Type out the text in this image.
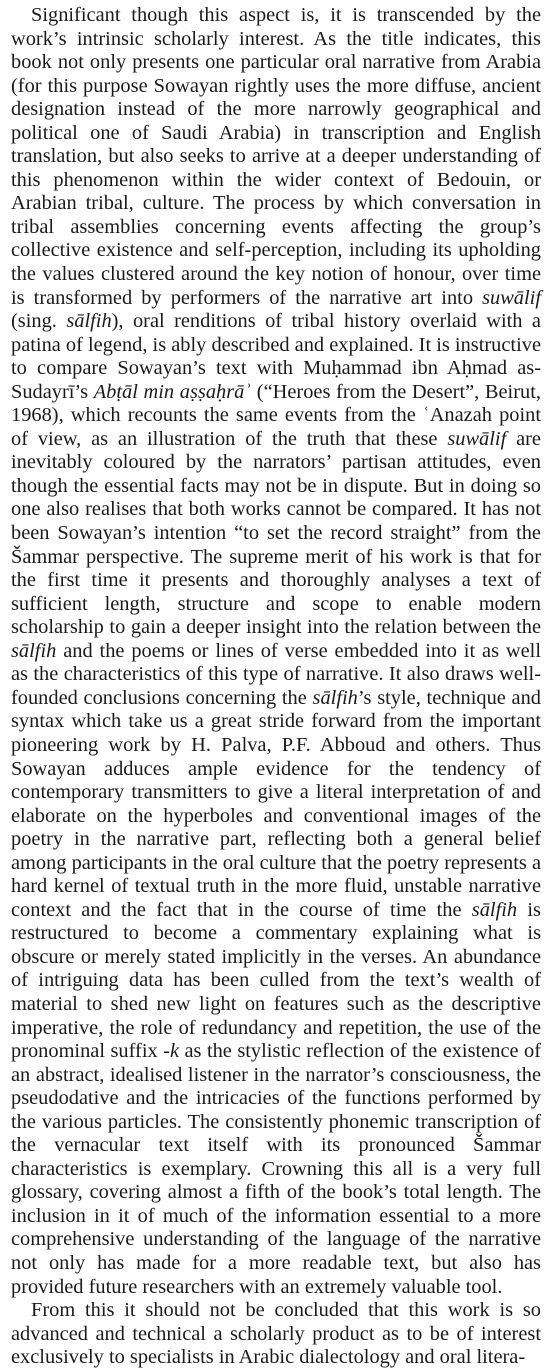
Significant though this aspect is, it is transcended by the work’s intrinsic scholarly interest. As the title indicates, this book not only presents one particular oral narrative from Arabia (for this purpose Sowayan rightly uses the more diffuse, ancient designation instead of the more narrowly geographical and political one of Saudi Arabia) in transcription and English translation, but also seeks to arrive at a deeper understanding of this phenomenon within the wider context of Bedouin, or Arabian tribal, culture. The process by which conversation in tribal assemblies concerning events affecting the group’s collective existence and self-perception, including its upholding the values clustered around the key notion of honour, over time is transformed by performers of the narrative art into suwālif (sing. sālfih), oral renditions of tribal history overlaid with a patina of legend, is ably described and explained. It is instructive to compare Sowayan’s text with Muḥammad ibn Aḥmad as-Sudayrī’s Abṭāl min aṣṣaḥrāʾ (“Heroes from the Desert”, Beirut, 1968), which recounts the same events from the ʿAnazah point of view, as an illustration of the truth that these suwālif are inevitably coloured by the narrators’ partisan attitudes, even though the essential facts may not be in dispute. But in doing so one also realises that both works cannot be compared. It has not been Sowayan’s intention “to set the record straight” from the Šammar perspective. The supreme merit of his work is that for the first time it presents and thoroughly analyses a text of sufficient length, structure and scope to enable modern scholarship to gain a deeper insight into the relation between the sālfih and the poems or lines of verse embedded into it as well as the characteristics of this type of narrative. It also draws well-founded conclusions concerning the sālfih’s style, technique and syntax which take us a great stride forward from the important pioneering work by H. Palva, P.F. Abboud and others. Thus Sowayan adduces ample evidence for the tendency of contemporary transmitters to give a literal interpretation of and elaborate on the hyperboles and conventional images of the poetry in the narrative part, reflecting both a general belief among participants in the oral culture that the poetry represents a hard kernel of textual truth in the more fluid, unstable narrative context and the fact that in the course of time the sālfih is restructured to become a commentary explaining what is obscure or merely stated implicitly in the verses. An abundance of intriguing data has been culled from the text’s wealth of material to shed new light on features such as the descriptive imperative, the role of redundancy and repetition, the use of the pronominal suffix -k as the stylistic reflection of the existence of an abstract, idealised listener in the narrator’s consciousness, the pseudodative and the intricacies of the functions performed by the various particles. The consistently phonemic transcription of the vernacular text itself with its pronounced Šammar characteristics is exemplary. Crowning this all is a very full glossary, covering almost a fifth of the book’s total length. The inclusion in it of much of the information essential to a more comprehensive understanding of the language of the narrative not only has made for a more readable text, but also has provided future researchers with an extremely valuable tool.

From this it should not be concluded that this work is so advanced and technical a scholarly product as to be of interest exclusively to specialists in Arabic dialectology and oral litera-
